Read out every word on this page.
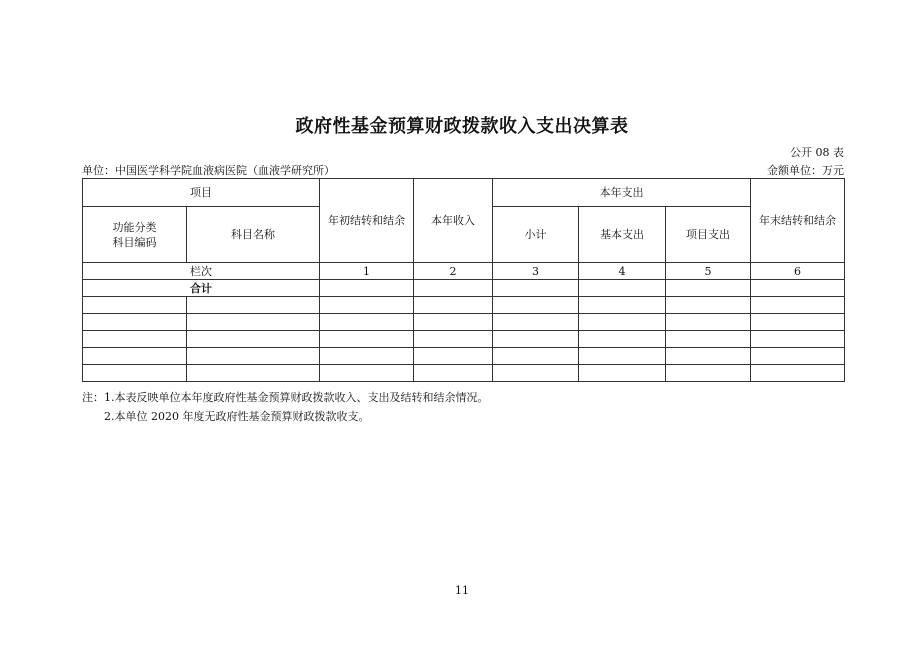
政府性基金预算财政拨款收入支出决算表
公开 08 表
单位：中国医学科学院血液病医院（血液学研究所）	金额单位：万元
项目		年初结转和结余	本年收入	本年支出			年末结转和结余

功能分类
科目编码	科目名称			小计	基本支出	项目支出	
栏次		1	2	3	4	5	6
合计							

注：1.本表反映单位本年度政府性基金预算财政拨款收入、支出及结转和结余情况。
2.本单位 2020 年度无政府性基金预算财政拨款收支。
11
